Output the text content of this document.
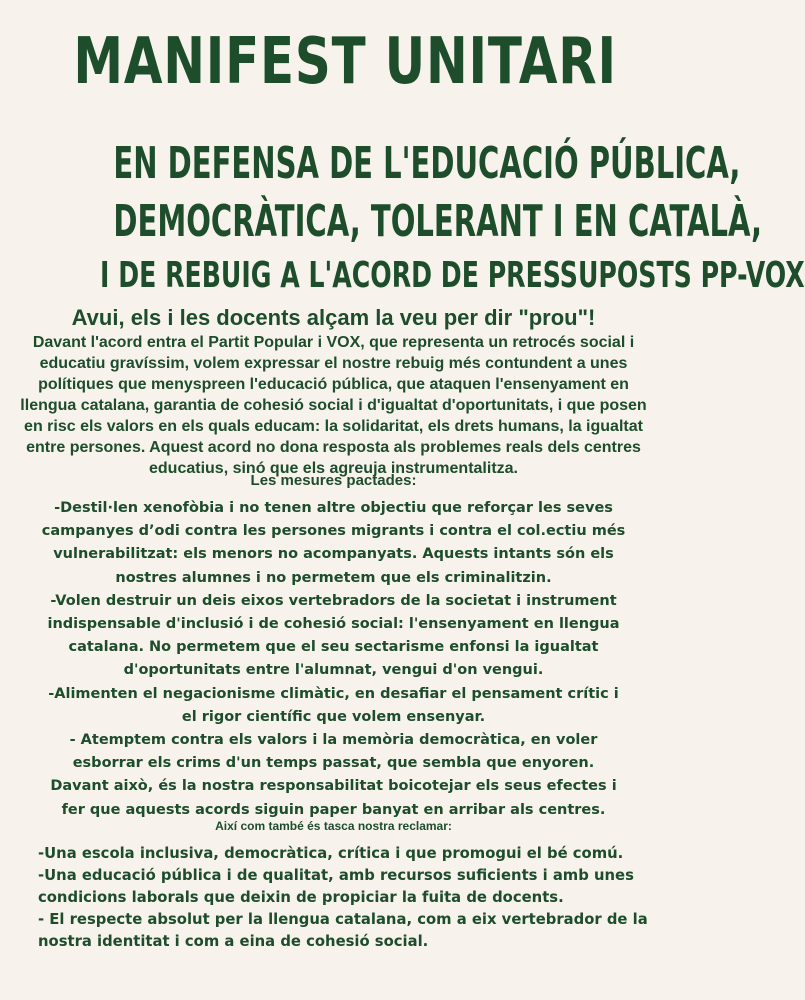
MANIFEST UNITARI
EN DEFENSA DE L'EDUCACIÓ PÚBLICA,
DEMOCRÀTICA, TOLERANT I EN CATALÀ,
I DE REBUIG A L'ACORD DE PRESSUPOSTS PP-VOX
Avui, els i les docents alçam la veu per dir "prou"!
Davant l'acord entra el Partit Popular i VOX, que representa un retrocés social i educatiu gravíssim, volem expressar el nostre rebuig més contundent a unes polítiques que menyspreen l'educació pública, que ataquen l'ensenyament en llengua catalana, garantia de cohesió social i d'igualtat d'oportunitats, i que posen en risc els valors en els quals educam: la solidaritat, els drets humans, la igualtat entre persones. Aquest acord no dona resposta als problemes reals dels centres educatius, sinó que els agreuja instrumentalitza.
Les mesures pactades:

-Destil·len xenofòbia i no tenen altre objectiu que reforçar les seves campanyes d’odi contra les persones migrants i contra el col.ectiu més vulnerabilitzat: els menors no acompanyats. Aquests intants són els nostres alumnes i no permetem que els criminalitzin.

-Volen destruir un deis eixos vertebradors de la societat i instrument indispensable d'inclusió i de cohesió social: l'ensenyament en llengua catalana. No permetem que el seu sectarisme enfonsi la igualtat d'oportunitats entre l'alumnat, vengui d'on vengui.

-Alimenten el negacionisme climàtic, en desafiar el pensament crític i el rigor científic que volem ensenyar.

- Atemptem contra els valors i la memòria democràtica, en voler esborrar els crims d'un temps passat, que sembla que enyoren.

Davant això, és la nostra responsabilitat boicotejar els seus efectes i fer que aquests acords siguin paper banyat en arribar als centres.

Així com també és tasca nostra reclamar:

-Una escola inclusiva, democràtica, crítica i que promogui el bé comú.

-Una educació pública i de qualitat, amb recursos suficients i amb unes condicions laborals que deixin de propiciar la fuita de docents.

- El respecte absolut per la llengua catalana, com a eix vertebrador de la nostra identitat i com a eina de cohesió social.
